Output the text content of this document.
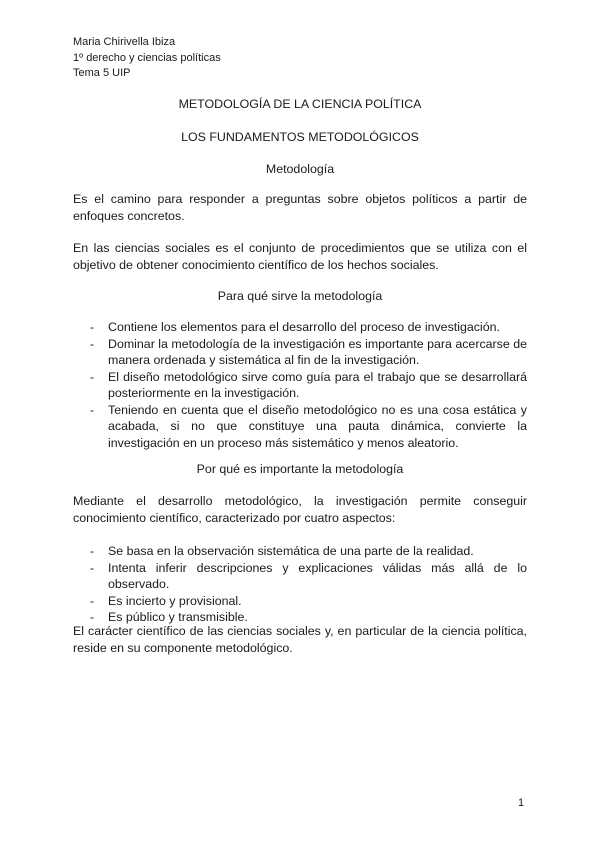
Maria Chirivella Ibiza
1º derecho y ciencias políticas
Tema 5 UIP
METODOLOGÍA DE LA CIENCIA POLÍTICA
LOS FUNDAMENTOS METODOLÓGICOS
Metodología

Es el camino para responder a preguntas sobre objetos políticos a partir de enfoques concretos.

En las ciencias sociales es el conjunto de procedimientos que se utiliza con el objetivo de obtener conocimiento científico de los hechos sociales.

Para qué sirve la metodología
- Contiene los elementos para el desarrollo del proceso de investigación.
- Dominar la metodología de la investigación es importante para acercarse de manera ordenada y sistemática al fin de la investigación.
- El diseño metodológico sirve como guía para el trabajo que se desarrollará posteriormente en la investigación.
- Teniendo en cuenta que el diseño metodológico no es una cosa estática y acabada, si no que constituye una pauta dinámica, convierte la investigación en un proceso más sistemático y menos aleatorio.
Por qué es importante la metodología

Mediante el desarrollo metodológico, la investigación permite conseguir conocimiento científico, caracterizado por cuatro aspectos:

- Se basa en la observación sistemática de una parte de la realidad.
- Intenta inferir descripciones y explicaciones válidas más allá de lo observado.
- Es incierto y provisional.
- Es público y transmisible.

El carácter científico de las ciencias sociales y, en particular de la ciencia política, reside en su componente metodológico.

1
